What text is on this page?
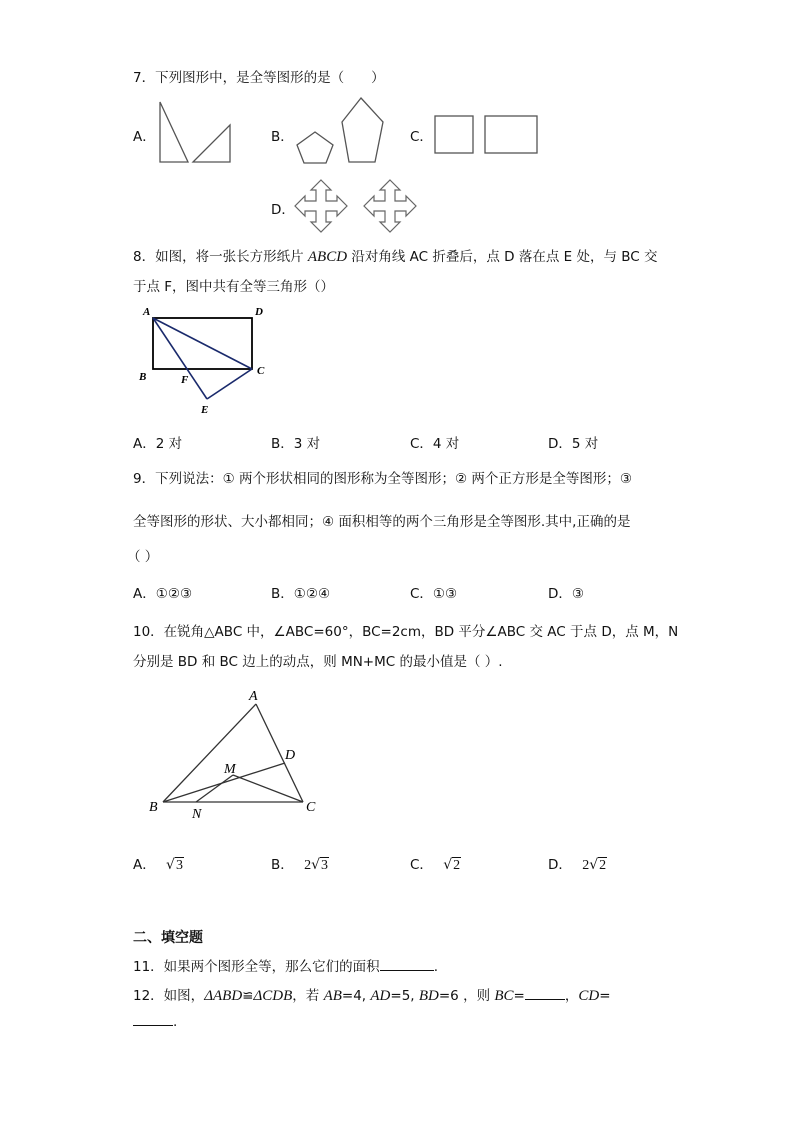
7．下列图形中，是全等图形的是（　　）
A．	B．	C．
D．
8．如图，将一张长方形纸片 ABCD 沿对角线 AC 折叠后，点 D 落在点 E 处，与 BC 交
于点 F，图中共有全等三角形（）
A	D
B	F
C
E
A．2 对	B．3 对	C．4 对	D．5 对
9．下列说法：① 两个形状相同的图形称为全等图形；② 两个正方形是全等图形；③
全等图形的形状、大小都相同；④ 面积相等的两个三角形是全等图形.其中,正确的是
（ ）
A．①②③	B．①②④	C．①③	D．③
10．在锐角△ABC 中，∠ABC=60°，BC=2cm，BD 平分∠ABC 交 AC 于点 D，点 M，N
分别是 BD 和 BC 边上的动点，则 MN+MC 的最小值是（ ）.
A
D
M
B N	C
A． √3	B． 2√3	C． √2	D． 2√2
二、填空题
11．如果两个图形全等，那么它们的面积	.
12．如图，ΔABD≌ΔCDB，若 AB=4, AD=5, BD=6 ，则 BC=	，CD=
.
